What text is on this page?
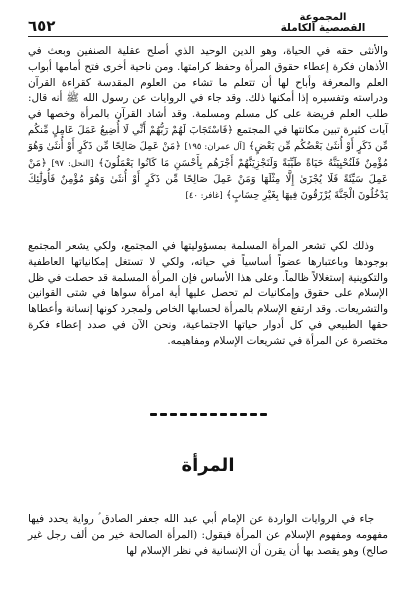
٦٥٢	المجموعة
القصصية الكاملة

والأنثى حقه في الحياة، وهو الدين الوحيد الذي أصلح عقلية الصنفين وبعث في الأذهان فكرة إعطاء حقوق المرأة وحفظ كرامتها. ومن ناحية أخرى فتح أمامها أبواب العلم والمعرفة وأباح لها أن تتعلم ما تشاء من العلوم المقدسة كقراءة القرآن ودراسته وتفسيره إذا أمكنها ذلك. وقد جاء في الروايات عن رسول الله ﷺ أنه قال: طلب العلم فريضة على كل مسلم ومسلمة. وقد أشاد القرآن بالمرأة وخصها في آيات كثيرة تبين مكانتها في المجتمع ﴿فَاسْتَجَابَ لَهُمْ رَبُّهُمْ أَنِّي لَا أُضِيعُ عَمَلَ عَامِلٍ مِّنكُم مِّن ذَكَرٍ أَوْ أُنثَىٰ بَعْضُكُم مِّن بَعْضٍ﴾ [آل عمران: ١٩٥] ﴿مَنْ عَمِلَ صَالِحًا مِّن ذَكَرٍ أَوْ أُنثَىٰ وَهُوَ مُؤْمِنٌ فَلَنُحْيِيَنَّهُ حَيَاةً طَيِّبَةً وَلَنَجْزِيَنَّهُمْ أَجْرَهُم بِأَحْسَنِ مَا كَانُوا يَعْمَلُونَ﴾ [النحل: ٩٧] ﴿مَنْ عَمِلَ سَيِّئَةً فَلَا يُجْزَىٰ إِلَّا مِثْلَهَا وَمَنْ عَمِلَ صَالِحًا مِّن ذَكَرٍ أَوْ أُنثَىٰ وَهُوَ مُؤْمِنٌ فَأُولَٰئِكَ يَدْخُلُونَ الْجَنَّةَ يُرْزَقُونَ فِيهَا بِغَيْرِ حِسَابٍ﴾ [غافر: ٤٠]

وذلك لكي تشعر المرأة المسلمة بمسؤوليتها في المجتمع، ولكي يشعر المجتمع بوجودها وباعتبارها عضواً أساسياً في حياته، ولكي لا تستغل إمكانياتها العاطفية والتكوينية إستغلالاً ظالماً. وعلى هذا الأساس فإن المرأة المسلمة قد حصلت في ظل الإسلام على حقوق وإمكانيات لم تحصل عليها أية امرأة سواها في شتى القوانين والتشريعات. وقد ارتفع الإسلام بالمرأة لحسابها الخاص ولمجرد كونها إنسانة وأعطاها حقها الطبيعي في كل أدوار حياتها الاجتماعية، ونحن الآن في صدد إعطاء فكرة مختصرة عن المرأة في تشريعات الإسلام ومفاهيمه.

المرأة

جاء في الروايات الواردة عن الإمام أبي عبد الله جعفر الصادق ؑ رواية يحدد فيها مفهومه ومفهوم الإسلام عن المرأة فيقول: (المرأة الصالحة خير من ألف رجل غير صالح) وهو يقصد بها أن يقرن أن الإنسانية في نظر الإسلام لها
